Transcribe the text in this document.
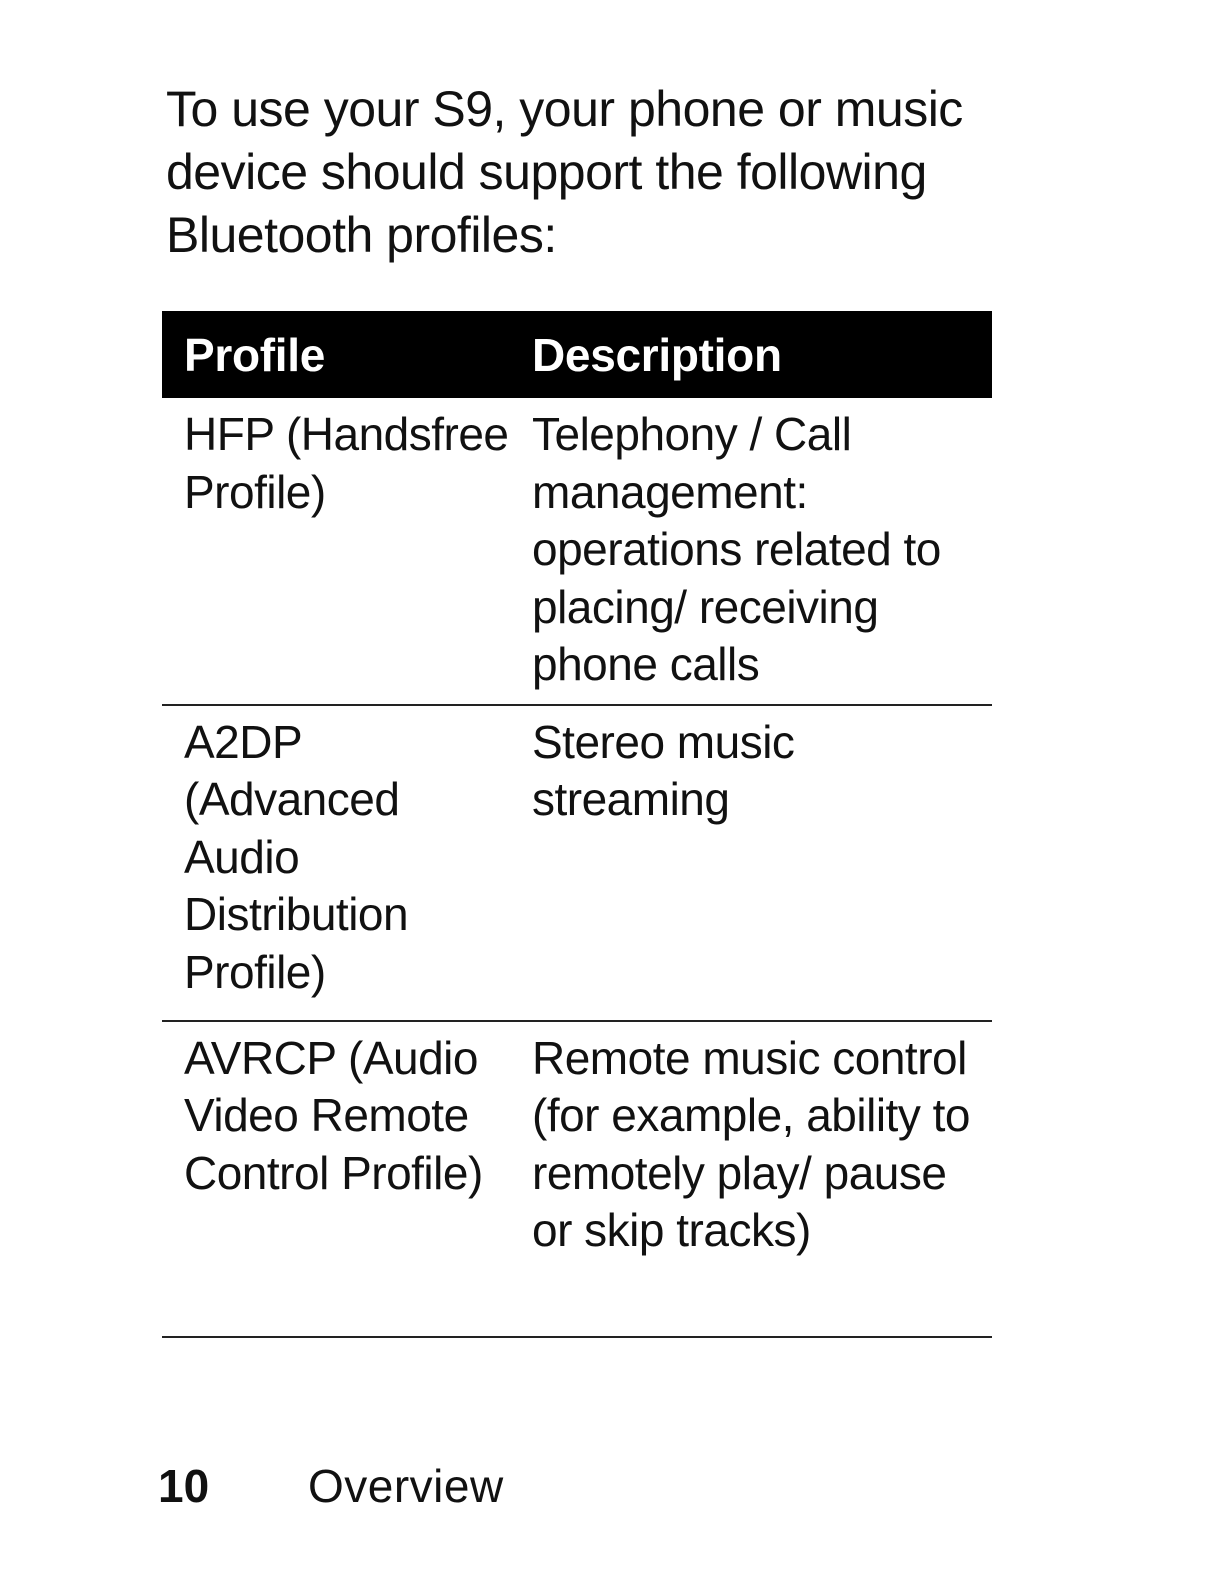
To use your S9, your phone or music device should support the following Bluetooth profiles:

Profile	Description
HFP (Handsfree Profile)	Telephony / Call management: operations related to placing/ receiving phone calls
A2DP (Advanced Audio Distribution Profile)	Stereo music streaming
AVRCP (Audio Video Remote Control Profile)	Remote music control (for example, ability to remotely play/ pause or skip tracks)
10 Overview
